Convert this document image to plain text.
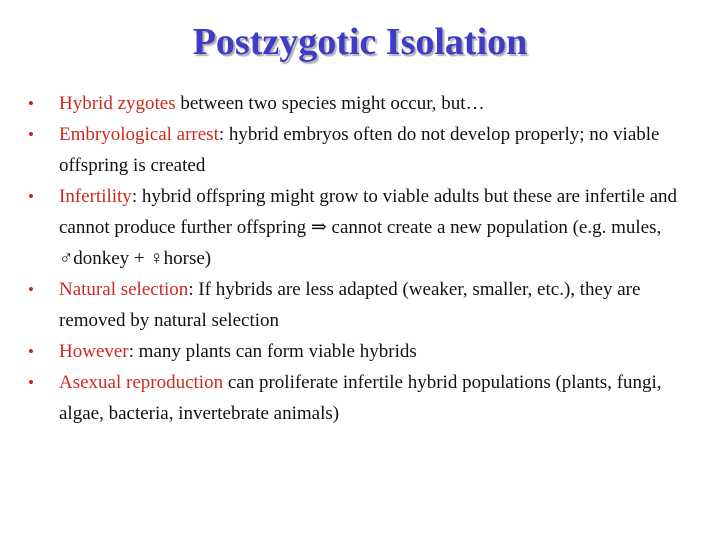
Postzygotic Isolation
• Hybrid zygotes between two species might occur, but…
• Embryological arrest: hybrid embryos often do not develop properly; no viable offspring is created
• Infertility: hybrid offspring might grow to viable adults but these are infertile and cannot produce further offspring ⇒ cannot create a new population (e.g. mules, ♂donkey + ♀horse)
• Natural selection: If hybrids are less adapted (weaker, smaller, etc.), they are removed by natural selection
• However: many plants can form viable hybrids
• Asexual reproduction can proliferate infertile hybrid populations (plants, fungi, algae, bacteria, invertebrate animals)
